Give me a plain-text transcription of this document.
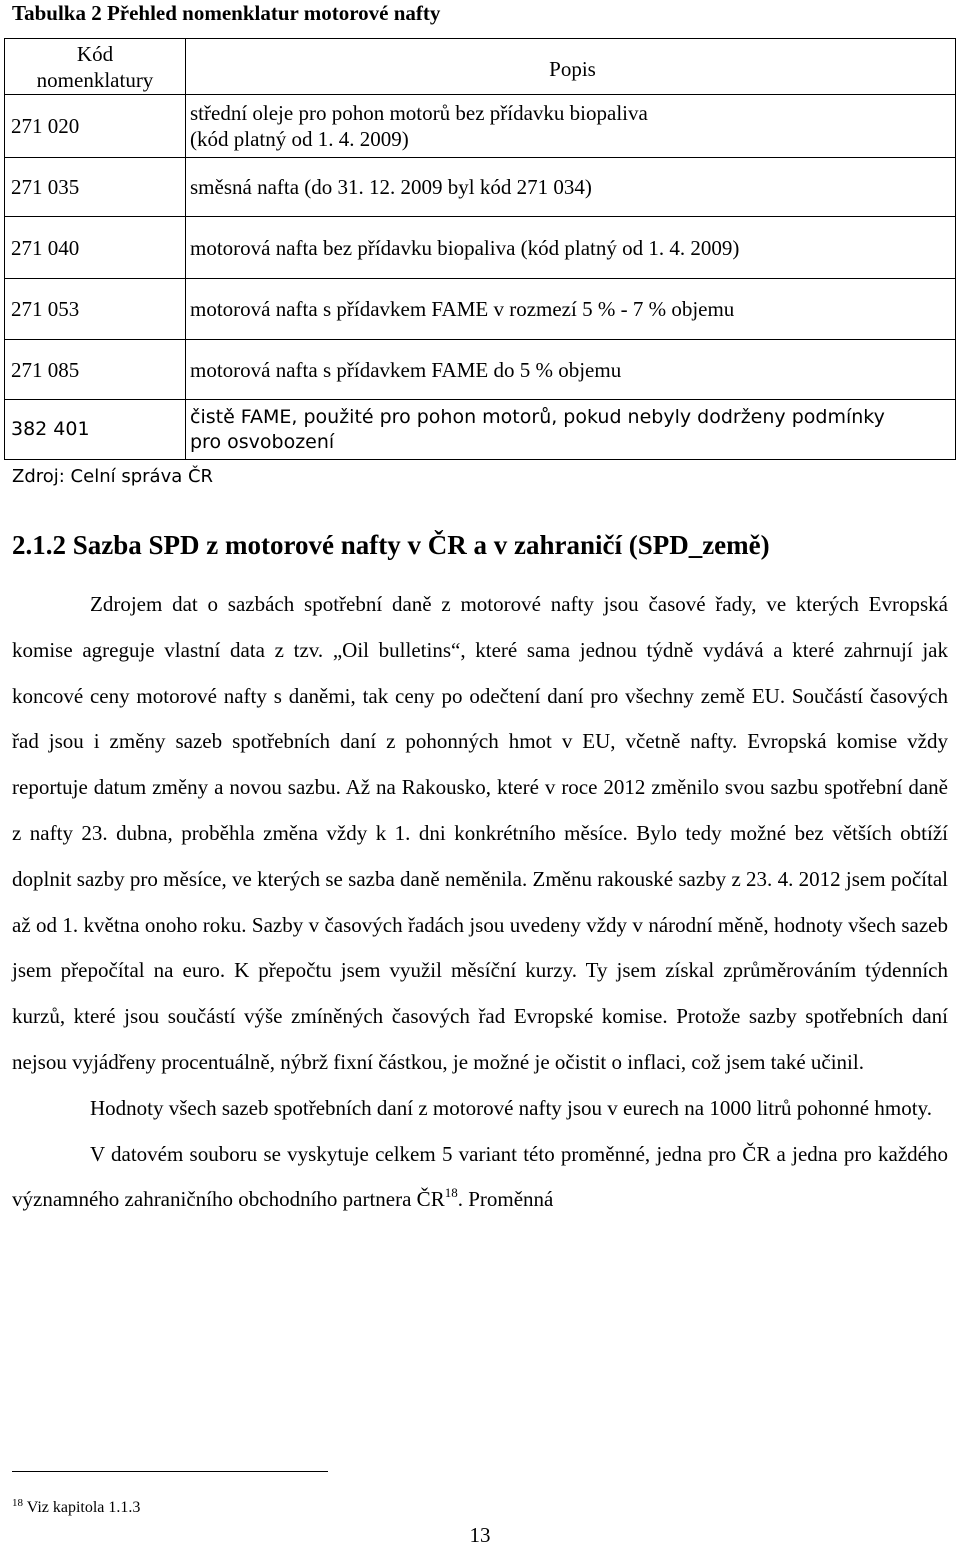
Tabulka 2 Přehled nomenklatur motorové nafty
Kód
nomenklatury	Popis
271 020	střední oleje pro pohon motorů bez přídavku biopaliva
(kód platný od 1. 4. 2009)
271 035	směsná nafta (do 31. 12. 2009 byl kód 271 034)
271 040	motorová nafta bez přídavku biopaliva (kód platný od 1. 4. 2009)
271 053	motorová nafta s přídavkem FAME v rozmezí 5 % - 7 % objemu
271 085	motorová nafta s přídavkem FAME do 5 % objemu
382 401	čistě FAME, použité pro pohon motorů, pokud nebyly dodrženy podmínky
pro osvobození
Zdroj: Celní správa ČR
2.1.2 Sazba SPD z motorové nafty v ČR a v zahraničí (SPD_země)

Zdrojem dat o sazbách spotřební daně z motorové nafty jsou časové řady, ve kterých Evropská komise agreguje vlastní data z tzv. „Oil bulletins“, které sama jednou týdně vydává a které zahrnují jak koncové ceny motorové nafty s daněmi, tak ceny po odečtení daní pro všechny země EU. Součástí časových řad jsou i změny sazeb spotřebních daní z pohonných hmot v EU, včetně nafty. Evropská komise vždy reportuje datum změny a novou sazbu. Až na Rakousko, které v roce 2012 změnilo svou sazbu spotřební daně z nafty 23. dubna, proběhla změna vždy k 1. dni konkrétního měsíce. Bylo tedy možné bez větších obtíží doplnit sazby pro měsíce, ve kterých se sazba daně neměnila. Změnu rakouské sazby z 23. 4. 2012 jsem počítal až od 1. května onoho roku. Sazby v časových řadách jsou uvedeny vždy v národní měně, hodnoty všech sazeb jsem přepočítal na euro. K přepočtu jsem využil měsíční kurzy. Ty jsem získal zprůměrováním týdenních kurzů, které jsou součástí výše zmíněných časových řad Evropské komise. Protože sazby spotřebních daní nejsou vyjádřeny procentuálně, nýbrž fixní částkou, je možné je očistit o inflaci, což jsem také učinil.

Hodnoty všech sazeb spotřebních daní z motorové nafty jsou v eurech na 1000 litrů pohonné hmoty.

V datovém souboru se vyskytuje celkem 5 variant této proměnné, jedna pro ČR a jedna pro každého významného zahraničního obchodního partnera ČR$^{18}$. Proměnná

$^{18}$ Viz kapitola 1.1.3
13
